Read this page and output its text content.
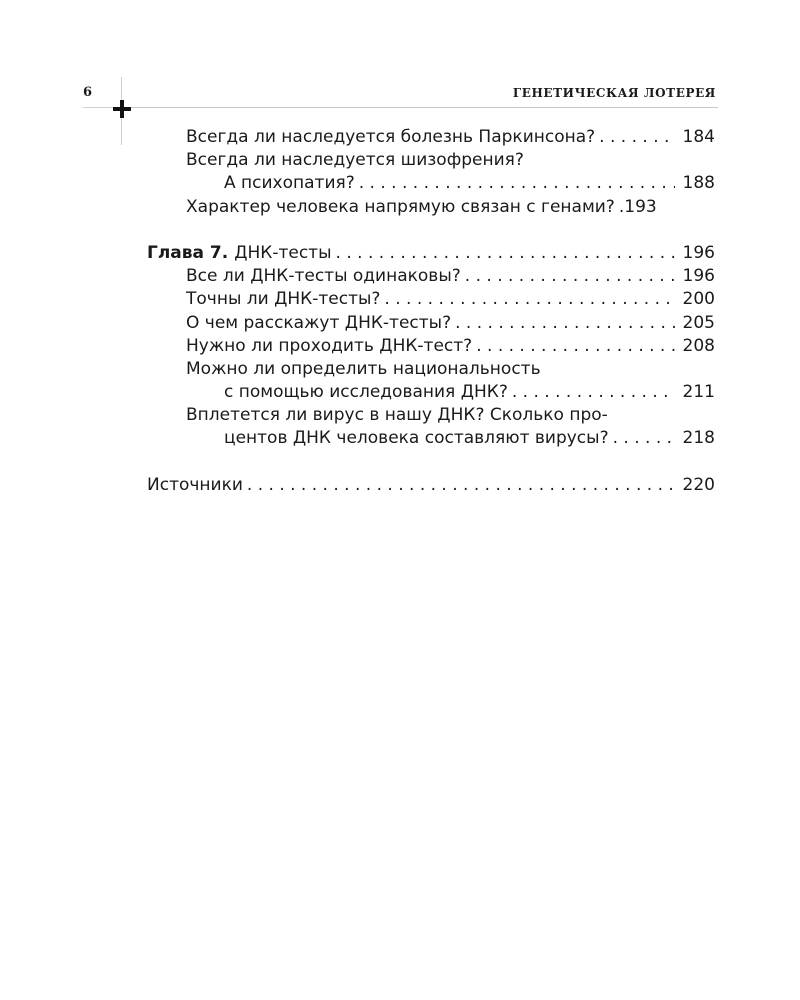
6	ГЕНЕТИЧЕСКАЯ ЛОТЕРЕЯ
Всегда ли наследуется болезнь Паркинсона? . . .	184
Всегда ли наследуется шизофрения?
А психопатия? . . .	188
Характер человека напрямую связан с генами? .193
Глава 7. ДНК-тесты . . .	196
Все ли ДНК-тесты одинаковы? . . .	196
Точны ли ДНК-тесты? . . .	200
О чем расскажут ДНК-тесты? . . .	205
Нужно ли проходить ДНК-тест? . . .	208
Можно ли определить национальность
с помощью исследования ДНК? . . .	211
Вплетется ли вирус в нашу ДНК? Сколько про-
центов ДНК человека составляют вирусы? . . .	218
Источники . . .	220
